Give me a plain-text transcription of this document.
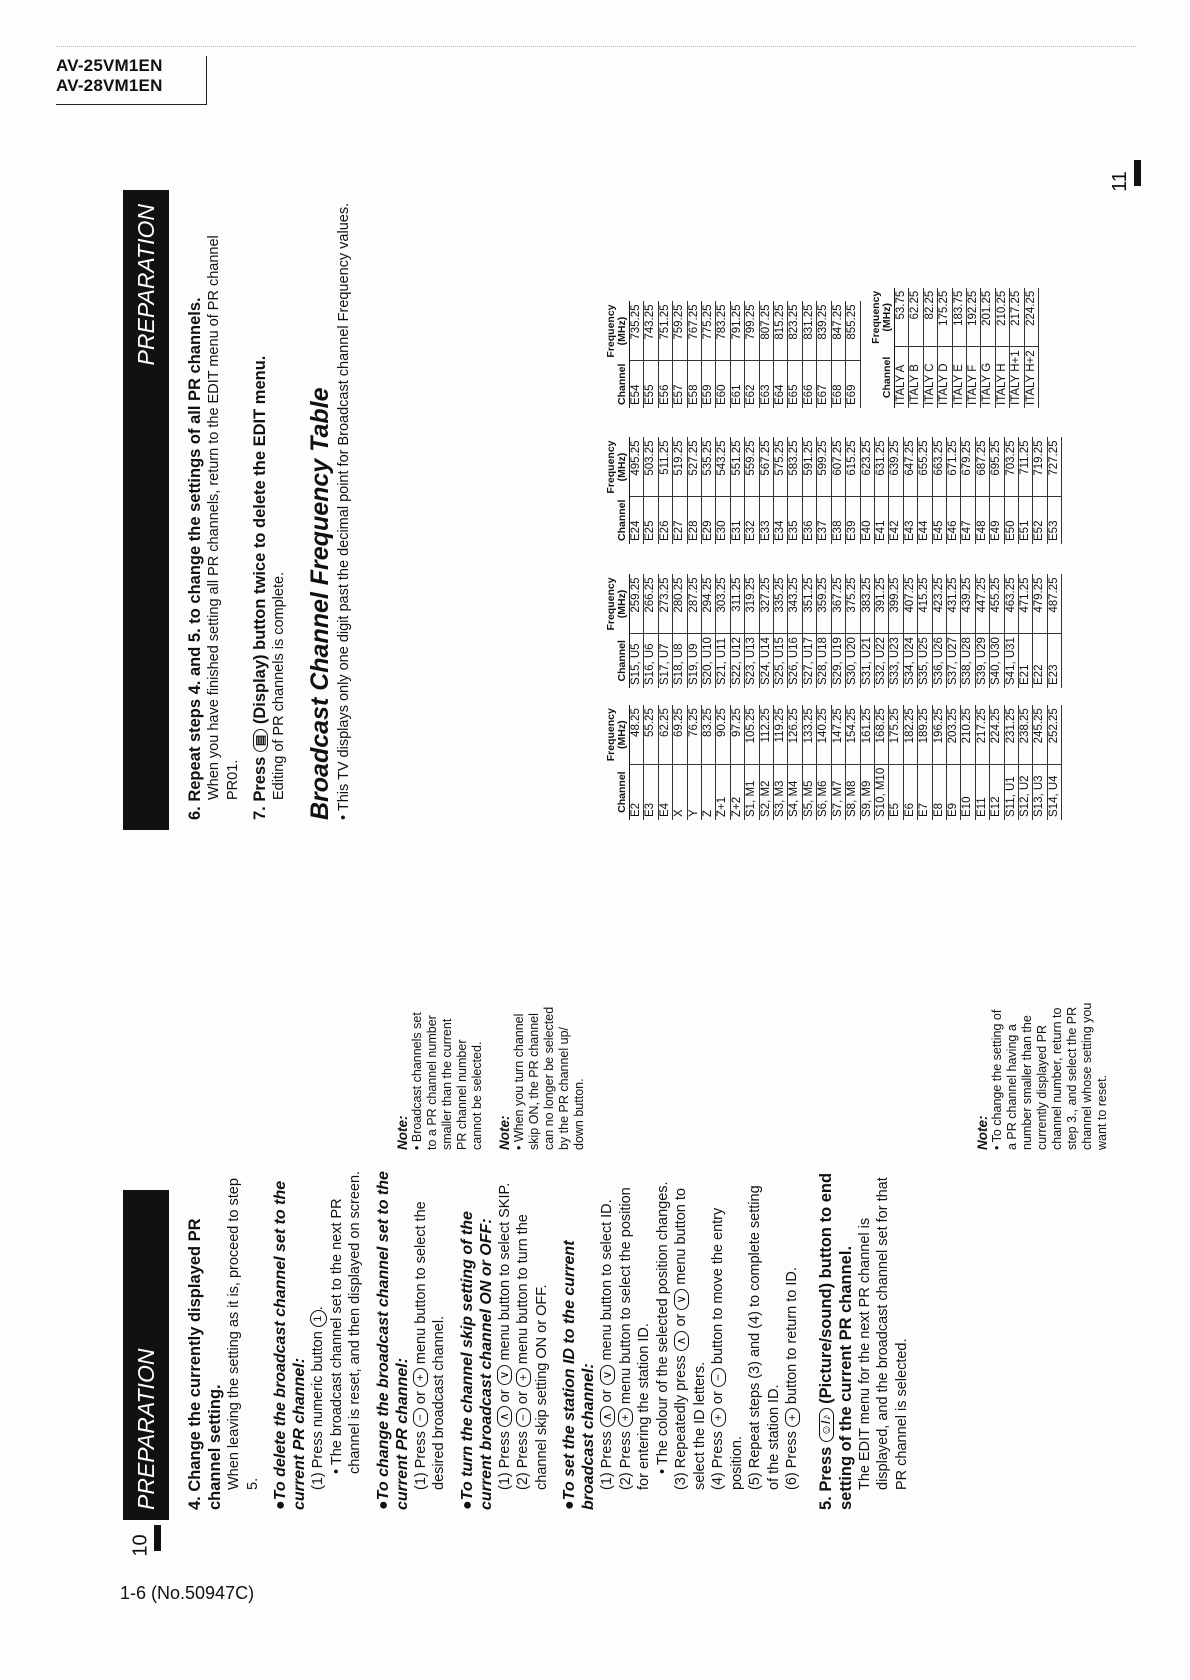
AV-25VM1EN
AV-28VM1EN
1-6 (No.50947C)
PREPARATION	4. Change the currently displayed PR channel setting. When leaving the setting as it is, proceed to step 5. ● To delete the broadcast channel set to the current PR channel: (1) Press numeric button 1.
• The broadcast channel set to the next PR channel is reset, and then displayed on screen. ● To change the broadcast channel set to the current PR channel: (1) Press − or + menu button to select the desired broadcast channel. ● To turn the channel skip setting of the current broadcast channel ON or OFF: (1) Press ∧ or ∨ menu button to select SKIP.
(2) Press − or + menu button to turn the channel skip setting ON or OFF. ● To set the station ID to the current broadcast channel: (1) Press ∧ or ∨ menu button to select ID.
(2) Press + menu button to select the position for entering the station ID. • The colour of the selected position changes. (3) Repeatedly press ∧ or ∨ menu button to select the ID letters. (4) Press + or − button to move the entry position. (5) Repeat steps (3) and (4) to complete setting of the station ID. (6) Press + button to return to ID.
5. Press ☺/♪ (Picture/sound) button to end setting of the current PR channel. The EDIT menu for the next PR channel is displayed, and the broadcast channel set for that PR channel is selected.
Note: • Broadcast channels set to a PR channel number smaller than the current PR channel number cannot be selected. Note: • When you turn channel skip ON, the PR channel can no longer be selected by the PR channel up/ down button.	Note: • To change the setting of a PR channel having a number smaller than the currently displayed PR channel number, return to step 3., and select the PR channel whose setting you want to reset.
PREPARATION
6. Repeat steps 4. and 5. to change the settings of all PR channels. When you have finished setting all PR channels, return to the EDIT menu of PR channel PR01. 7. Press ▤ (Display) button twice to delete the EDIT menu. Editing of PR channels is complete. Broadcast Channel Frequency Table • This TV displays only one digit past the decimal point for Broadcast channel Frequency values.	Channel	Frequency
(MHz)
E2	48.25
E3	55.25
E4	62.25
X	69.25
Y	76.25
Z	83.25
Z+1	90.25
Z+2	97.25
S1, M1	105.25
S2, M2	112.25
S3, M3	119.25
S4, M4	126.25
S5, M5	133.25
S6, M6	140.25
S7, M7	147.25
S8, M8	154.25
S9, M9	161.25
S10, M10	168.25
E5	175.25
E6	182.25
E7	189.25
E8	196.25
E9	203.25
E10	210.25
E11	217.25
E12	224.25
S11, U1	231.25
S12, U2	238.25
S13, U3	245.25
S14, U4	252.25
Channel	Frequency
(MHz)
S15, U5	259.25
S16, U6	266.25
S17, U7	273.25
S18, U8	280.25
S19, U9	287.25
S20, U10	294.25
S21, U11	303.25
S22, U12	311.25
S23, U13	319.25
S24, U14	327.25
S25, U15	335.25
S26, U16	343.25
S27, U17	351.25
S28, U18	359.25
S29, U19	367.25
S30, U20	375.25
S31, U21	383.25
S32, U22	391.25
S33, U23	399.25
S34, U24	407.25
S35, U25	415.25
S36, U26	423.25
S37, U27	431.25
S38, U28	439.25
S39, U29	447.25
S40, U30	455.25
S41, U31	463.25
E21	471.25
E22	479.25
E23	487.25
Channel	Frequency
(MHz)
E24	495.25
E25	503.25
E26	511.25
E27	519.25
E28	527.25
E29	535.25
E30	543.25
E31	551.25
E32	559.25
E33	567.25
E34	575.25
E35	583.25
E36	591.25
E37	599.25
E38	607.25
E39	615.25
E40	623.25
E41	631.25
E42	639.25
E43	647.25
E44	655.25
E45	663.25
E46	671.25
E47	679.25
E48	687.25
E49	695.25
E50	703.25
E51	711.25
E52	719.25
E53	727.25
Channel	Frequency
(MHz)
E54	735.25
E55	743.25
E56	751.25
E57	759.25
E58	767.25
E59	775.25
E60	783.25
E61	791.25
E62	799.25
E63	807.25
E64	815.25
E65	823.25
E66	831.25
E67	839.25
E68	847.25
E69	855.25
Channel	Frequency
(MHz)
ITALY A	53.75
ITALY B	62.25
ITALY C	82.25
ITALY D	175.25
ITALY E	183.75
ITALY F	192.25
ITALY G	201.25
ITALY H	210.25
ITALY H+1	217.25
ITALY H+2	224.25
10
11
